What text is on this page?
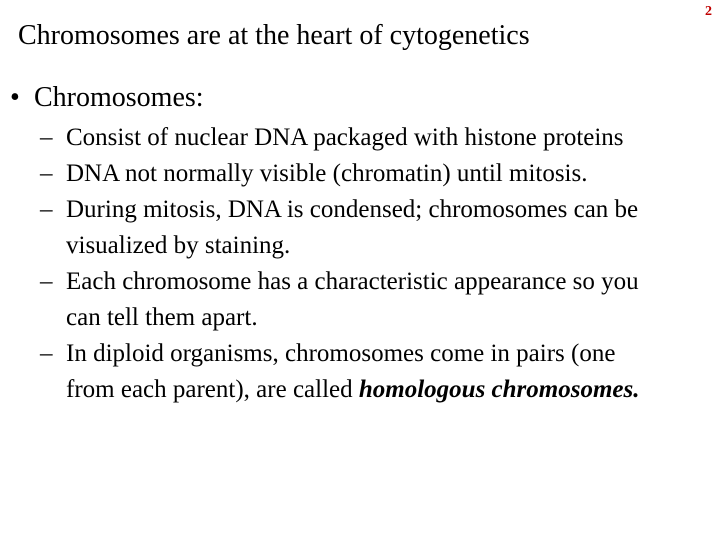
Chromosomes are at the heart of cytogenetics
2
• Chromosomes:
– Consist of nuclear DNA packaged with histone proteins
– DNA not normally visible (chromatin) until mitosis.
– During mitosis, DNA is condensed; chromosomes can be
visualized by staining.
– Each chromosome has a characteristic appearance so you
can tell them apart.
– In diploid organisms, chromosomes come in pairs (one
from each parent), are called homologous chromosomes.
